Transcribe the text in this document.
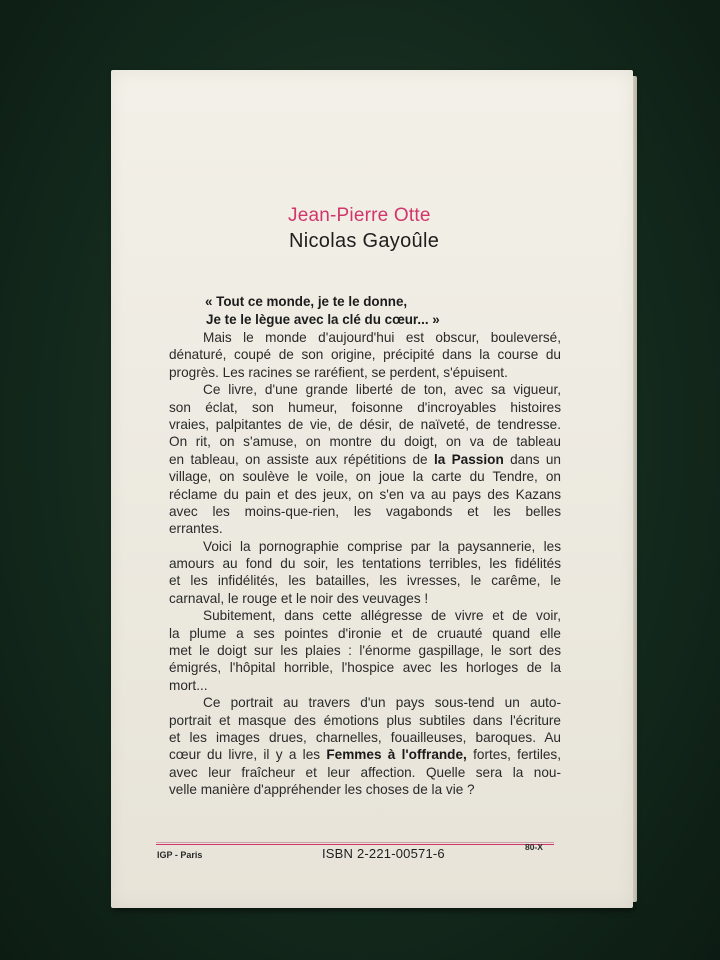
Jean-Pierre Otte
Nicolas Gayoûle
« Tout ce monde, je te le donne,
Je te le lègue avec la clé du cœur... »
Mais le monde d'aujourd'hui est obscur, bouleversé,
dénaturé, coupé de son origine, précipité dans la course du
progrès. Les racines se raréfient, se perdent, s'épuisent.
Ce livre, d'une grande liberté de ton, avec sa vigueur,
son éclat, son humeur, foisonne d'incroyables histoires
vraies, palpitantes de vie, de désir, de naïveté, de tendresse.
On rit, on s'amuse, on montre du doigt, on va de tableau
en tableau, on assiste aux répétitions de la Passion dans un
village, on soulève le voile, on joue la carte du Tendre, on
réclame du pain et des jeux, on s'en va au pays des Kazans
avec les moins-que-rien, les vagabonds et les belles
errantes.
Voici la pornographie comprise par la paysannerie, les
amours au fond du soir, les tentations terribles, les fidélités
et les infidélités, les batailles, les ivresses, le carême, le
carnaval, le rouge et le noir des veuvages !
Subitement, dans cette allégresse de vivre et de voir,
la plume a ses pointes d'ironie et de cruauté quand elle
met le doigt sur les plaies : l'énorme gaspillage, le sort des
émigrés, l'hôpital horrible, l'hospice avec les horloges de la
mort...
Ce portrait au travers d'un pays sous-tend un auto-
portrait et masque des émotions plus subtiles dans l'écriture
et les images drues, charnelles, fouailleuses, baroques. Au
cœur du livre, il y a les Femmes à l'offrande, fortes, fertiles,
avec leur fraîcheur et leur affection. Quelle sera la nou-
velle manière d'appréhender les choses de la vie ?
IGP - Paris	ISBN 2-221-00571-6	80-X
